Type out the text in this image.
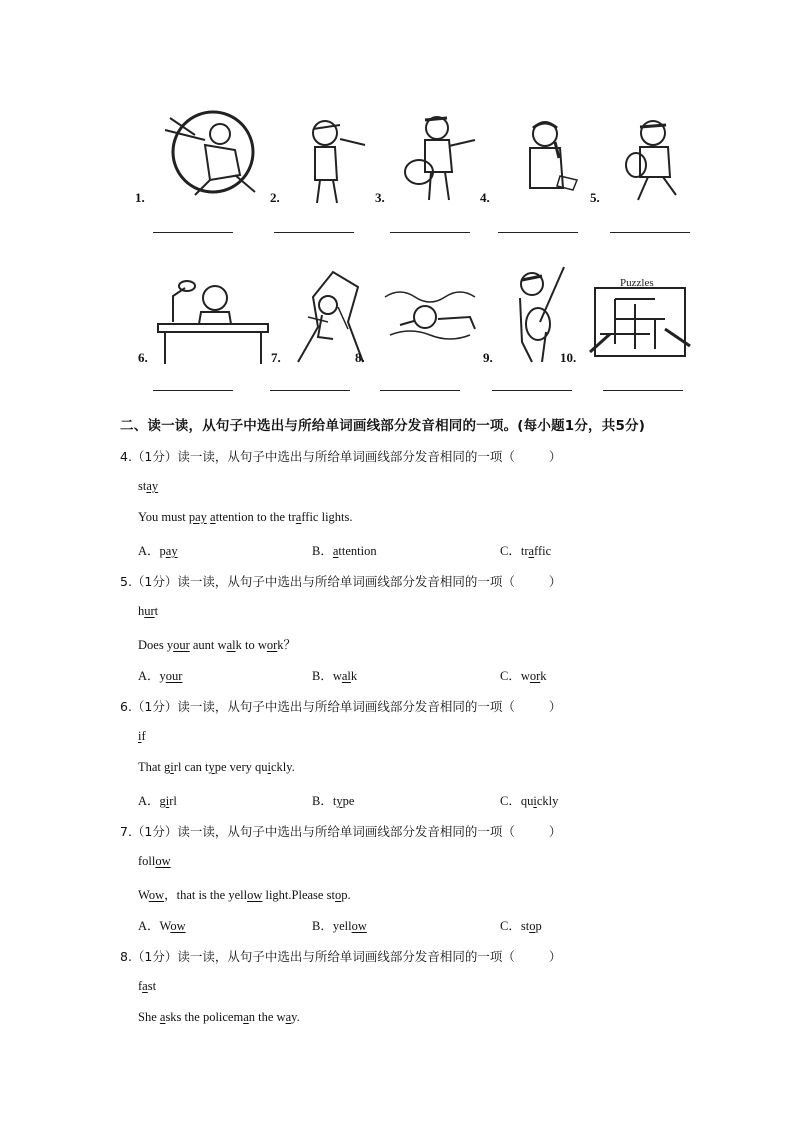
1.	2.	3.	4.	5.
6.	7.	8.	9.	10.
Puzzles
二、读一读，从句子中选出与所给单词画线部分发音相同的一项。(每小题1分，共5分)
4.（1分）读一读，从句子中选出与所给单词画线部分发音相同的一项（	）
stay
You must pay attention to the traffic lights.
A．pay	B．attention	C．traffic
5.（1分）读一读，从句子中选出与所给单词画线部分发音相同的一项（	）
hurt
Does your aunt walk to work？
A．your	B．walk	C．work
6.（1分）读一读，从句子中选出与所给单词画线部分发音相同的一项（	）
if
That girl can type very quickly.
A．girl	B．type	C．quickly
7.（1分）读一读，从句子中选出与所给单词画线部分发音相同的一项（	）
follow
Wow，that is the yellow light.Please stop.
A．Wow	B．yellow	C．stop
8.（1分）读一读，从句子中选出与所给单词画线部分发音相同的一项（	）
fast
She asks the policeman the way.
